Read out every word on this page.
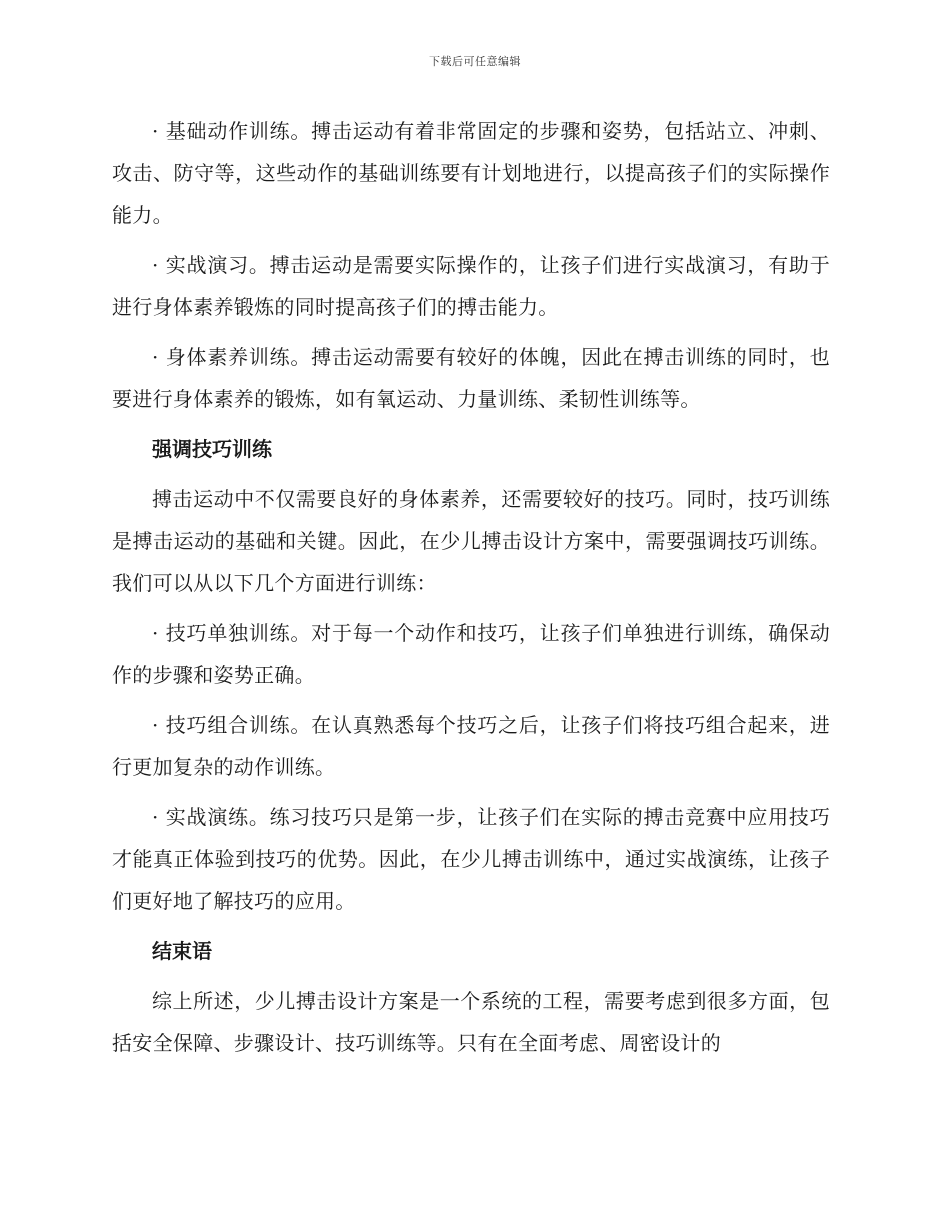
下载后可任意编辑

· 基础动作训练。搏击运动有着非常固定的步骤和姿势，包括站立、冲刺、攻击、防守等，这些动作的基础训练要有计划地进行，以提高孩子们的实际操作能力。

· 实战演习。搏击运动是需要实际操作的，让孩子们进行实战演习，有助于进行身体素养锻炼的同时提高孩子们的搏击能力。

· 身体素养训练。搏击运动需要有较好的体魄，因此在搏击训练的同时，也要进行身体素养的锻炼，如有氧运动、力量训练、柔韧性训练等。

强调技巧训练

搏击运动中不仅需要良好的身体素养，还需要较好的技巧。同时，技巧训练是搏击运动的基础和关键。因此，在少儿搏击设计方案中，需要强调技巧训练。我们可以从以下几个方面进行训练：

· 技巧单独训练。对于每一个动作和技巧，让孩子们单独进行训练，确保动作的步骤和姿势正确。

· 技巧组合训练。在认真熟悉每个技巧之后，让孩子们将技巧组合起来，进行更加复杂的动作训练。

· 实战演练。练习技巧只是第一步，让孩子们在实际的搏击竞赛中应用技巧才能真正体验到技巧的优势。因此，在少儿搏击训练中，通过实战演练，让孩子们更好地了解技巧的应用。

结束语

综上所述，少儿搏击设计方案是一个系统的工程，需要考虑到很多方面，包括安全保障、步骤设计、技巧训练等。只有在全面考虑、周密设计的
